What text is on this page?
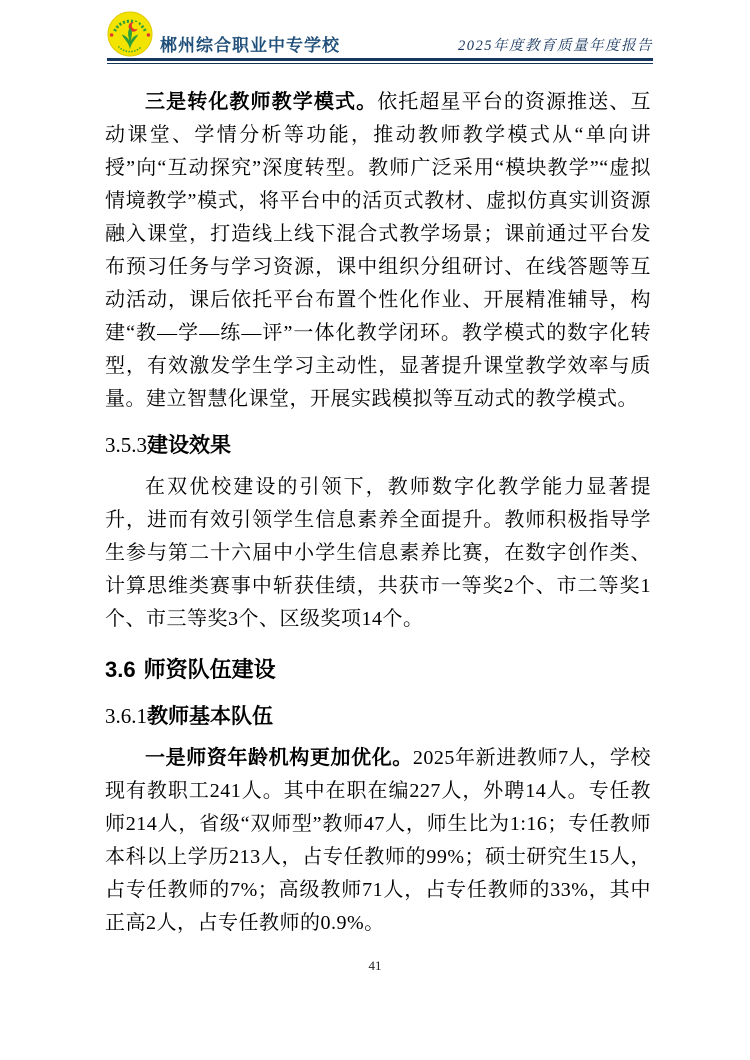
郴州综合职业中专学校	2025年度教育质量年度报告

三是转化教师教学模式。依托超星平台的资源推送、互动课堂、学情分析等功能，推动教师教学模式从“单向讲授”向“互动探究”深度转型。教师广泛采用“模块教学”“虚拟情境教学”模式，将平台中的活页式教材、虚拟仿真实训资源融入课堂，打造线上线下混合式教学场景；课前通过平台发布预习任务与学习资源，课中组织分组研讨、在线答题等互动活动，课后依托平台布置个性化作业、开展精准辅导，构建“教—学—练—评”一体化教学闭环。教学模式的数字化转型，有效激发学生学习主动性，显著提升课堂教学效率与质量。建立智慧化课堂，开展实践模拟等互动式的教学模式。

3.5.3建设效果

在双优校建设的引领下，教师数字化教学能力显著提升，进而有效引领学生信息素养全面提升。教师积极指导学生参与第二十六届中小学生信息素养比赛，在数字创作类、计算思维类赛事中斩获佳绩，共获市一等奖2个、市二等奖1个、市三等奖3个、区级奖项14个。

3.6 师资队伍建设
3.6.1教师基本队伍

一是师资年龄机构更加优化。2025年新进教师7人，学校现有教职工241人。其中在职在编227人，外聘14人。专任教师214人，省级“双师型”教师47人，师生比为1:16；专任教师本科以上学历213人，占专任教师的99%；硕士研究生15人，占专任教师的7%；高级教师71人，占专任教师的33%，其中正高2人，占专任教师的0.9%。

41
